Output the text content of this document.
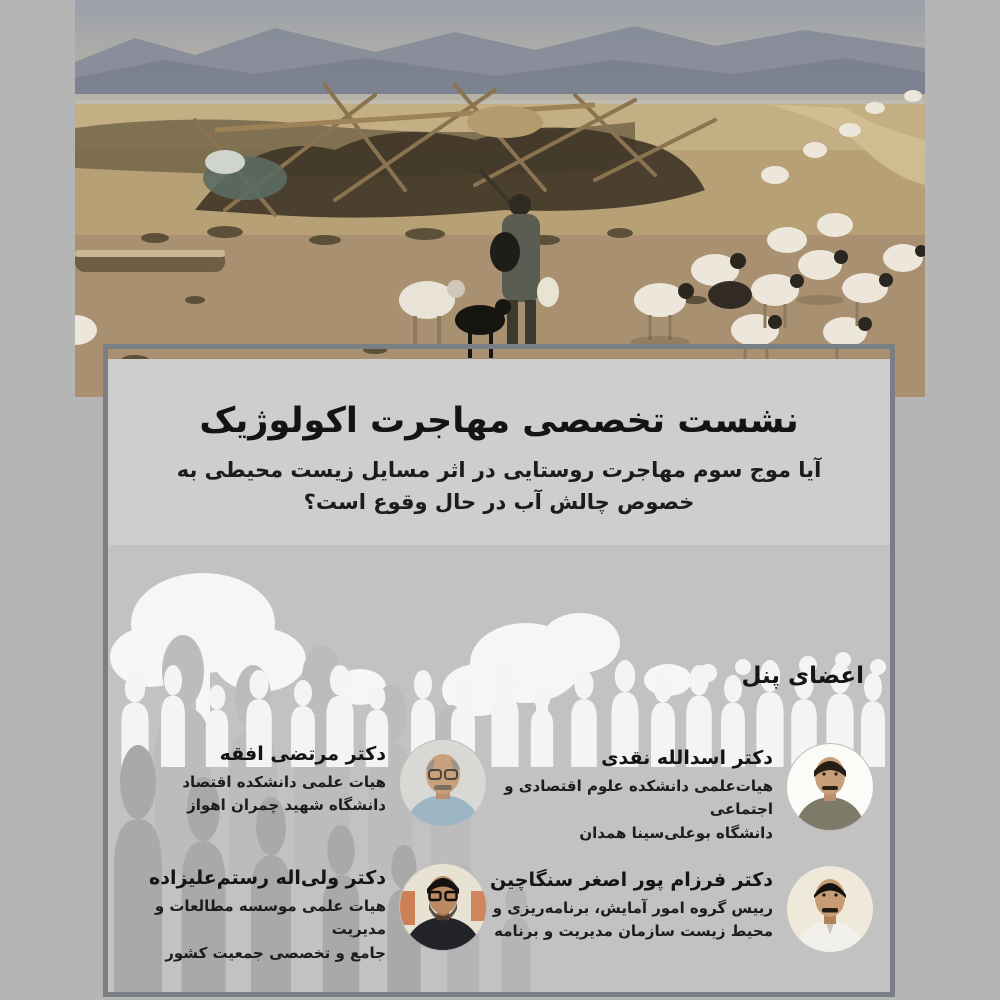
نشست تخصصی مهاجرت اکولوژیک

آیا موج سوم مهاجرت روستایی در اثر مسایل زیست محیطی به خصوص چالش آب در حال وقوع است؟

اعضای پنل

دکتر اسدالله نقدی

هیات‌علمی دانشکده علوم اقتصادی و اجتماعی

دانشگاه بوعلی‌سینا همدان

دکتر مرتضی افقه

هیات علمی دانشکده اقتصاد

دانشگاه شهید چمران اهواز

دکتر فرزام پور اصغر سنگاچین

رییس گروه امور آمایش، برنامه‌ریزی و

محیط زیست سازمان مدیریت و برنامه

دکتر ولی‌اله رستم‌علیزاده

هیات علمی موسسه مطالعات و مدیریت

جامع و تخصصی جمعیت کشور
